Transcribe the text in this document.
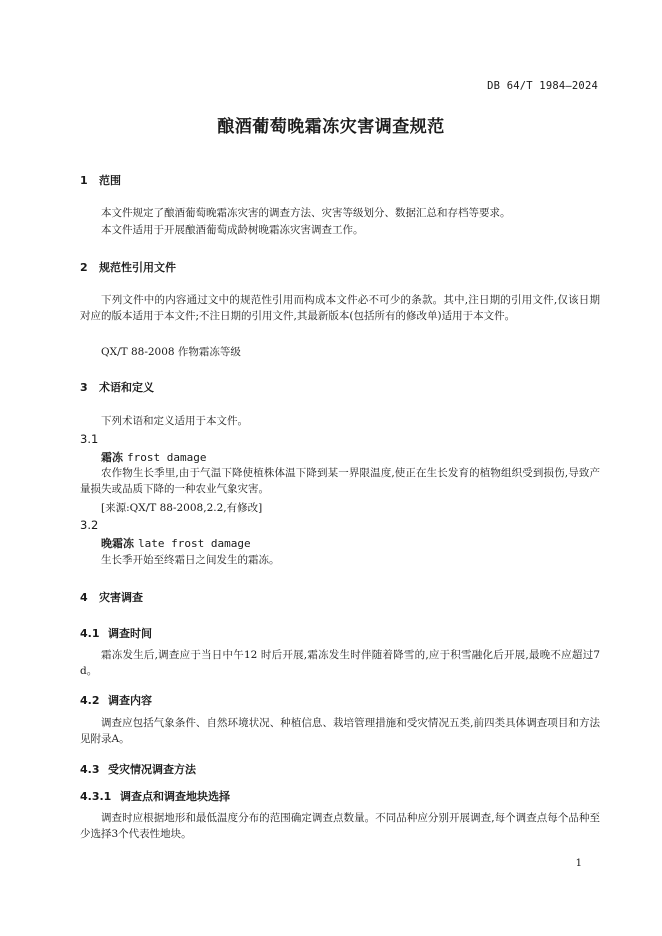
DB 64/T 1984—2024
酿酒葡萄晚霜冻灾害调查规范
1 范围
本文件规定了酿酒葡萄晚霜冻灾害的调查方法、灾害等级划分、数据汇总和存档等要求。
本文件适用于开展酿酒葡萄成龄树晚霜冻灾害调查工作。
2 规范性引用文件
下列文件中的内容通过文中的规范性引用而构成本文件必不可少的条款。其中,注日期的引用文件,仅该日期对应的版本适用于本文件;不注日期的引用文件,其最新版本(包括所有的修改单)适用于本文件。
QX/T 88-2008 作物霜冻等级
3 术语和定义
下列术语和定义适用于本文件。
3.1
霜冻 frost damage
农作物生长季里,由于气温下降使植株体温下降到某一界限温度,使正在生长发育的植物组织受到损伤,导致产量损失或品质下降的一种农业气象灾害。
[来源:QX/T 88-2008,2.2,有修改]
3.2
晚霜冻 late frost damage
生长季开始至终霜日之间发生的霜冻。
4 灾害调查
4.1 调查时间
霜冻发生后,调查应于当日中午12 时后开展,霜冻发生时伴随着降雪的,应于积雪融化后开展,最晚不应超过7 d。
4.2 调查内容
调查应包括气象条件、自然环境状况、种植信息、栽培管理措施和受灾情况五类,前四类具体调查项目和方法见附录A。
4.3 受灾情况调查方法
4.3.1 调查点和调查地块选择
调查时应根据地形和最低温度分布的范围确定调查点数量。不同品种应分别开展调查,每个调查点每个品种至少选择3个代表性地块。
1
